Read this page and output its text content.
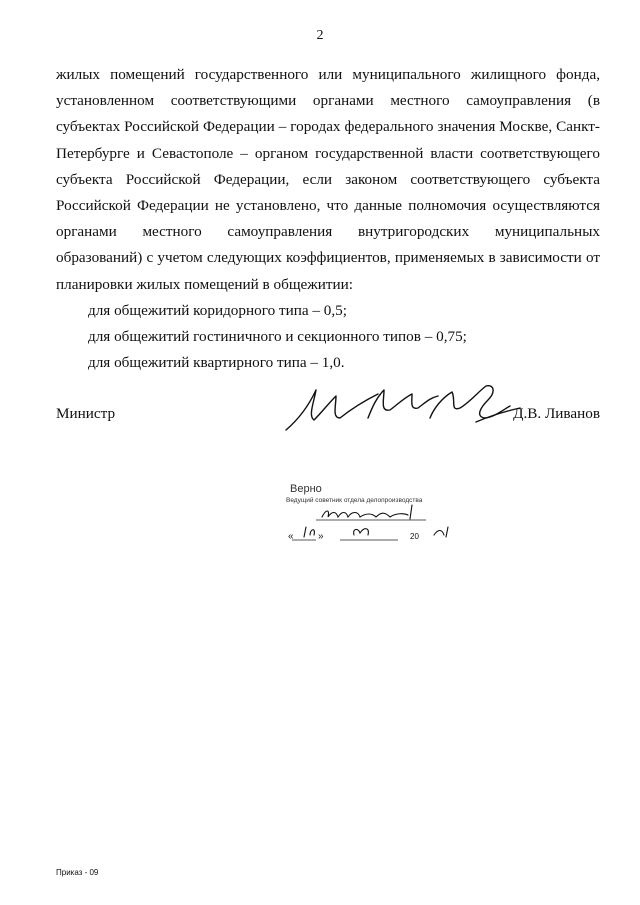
2

жилых помещений государственного или муниципального жилищного фонда, установленном соответствующими органами местного самоуправления (в субъектах Российской Федерации – городах федерального значения Москве, Санкт-Петербурге и Севастополе – органом государственной власти соответствующего субъекта Российской Федерации, если законом соответствующего субъекта Российской Федерации не установлено, что данные полномочия осуществляются органами местного самоуправления внутригородских муниципальных образований) с учетом следующих коэффициентов, применяемых в зависимости от планировки жилых помещений в общежитии:

для общежитий коридорного типа – 0,5;

для общежитий гостиничного и секционного типов – 0,75;

для общежитий квартирного типа – 1,0.

Министр	Д.В. Ливанов
Верно
Ведущий советник отдела делопроизводства
« »	20
Приказ - 09
